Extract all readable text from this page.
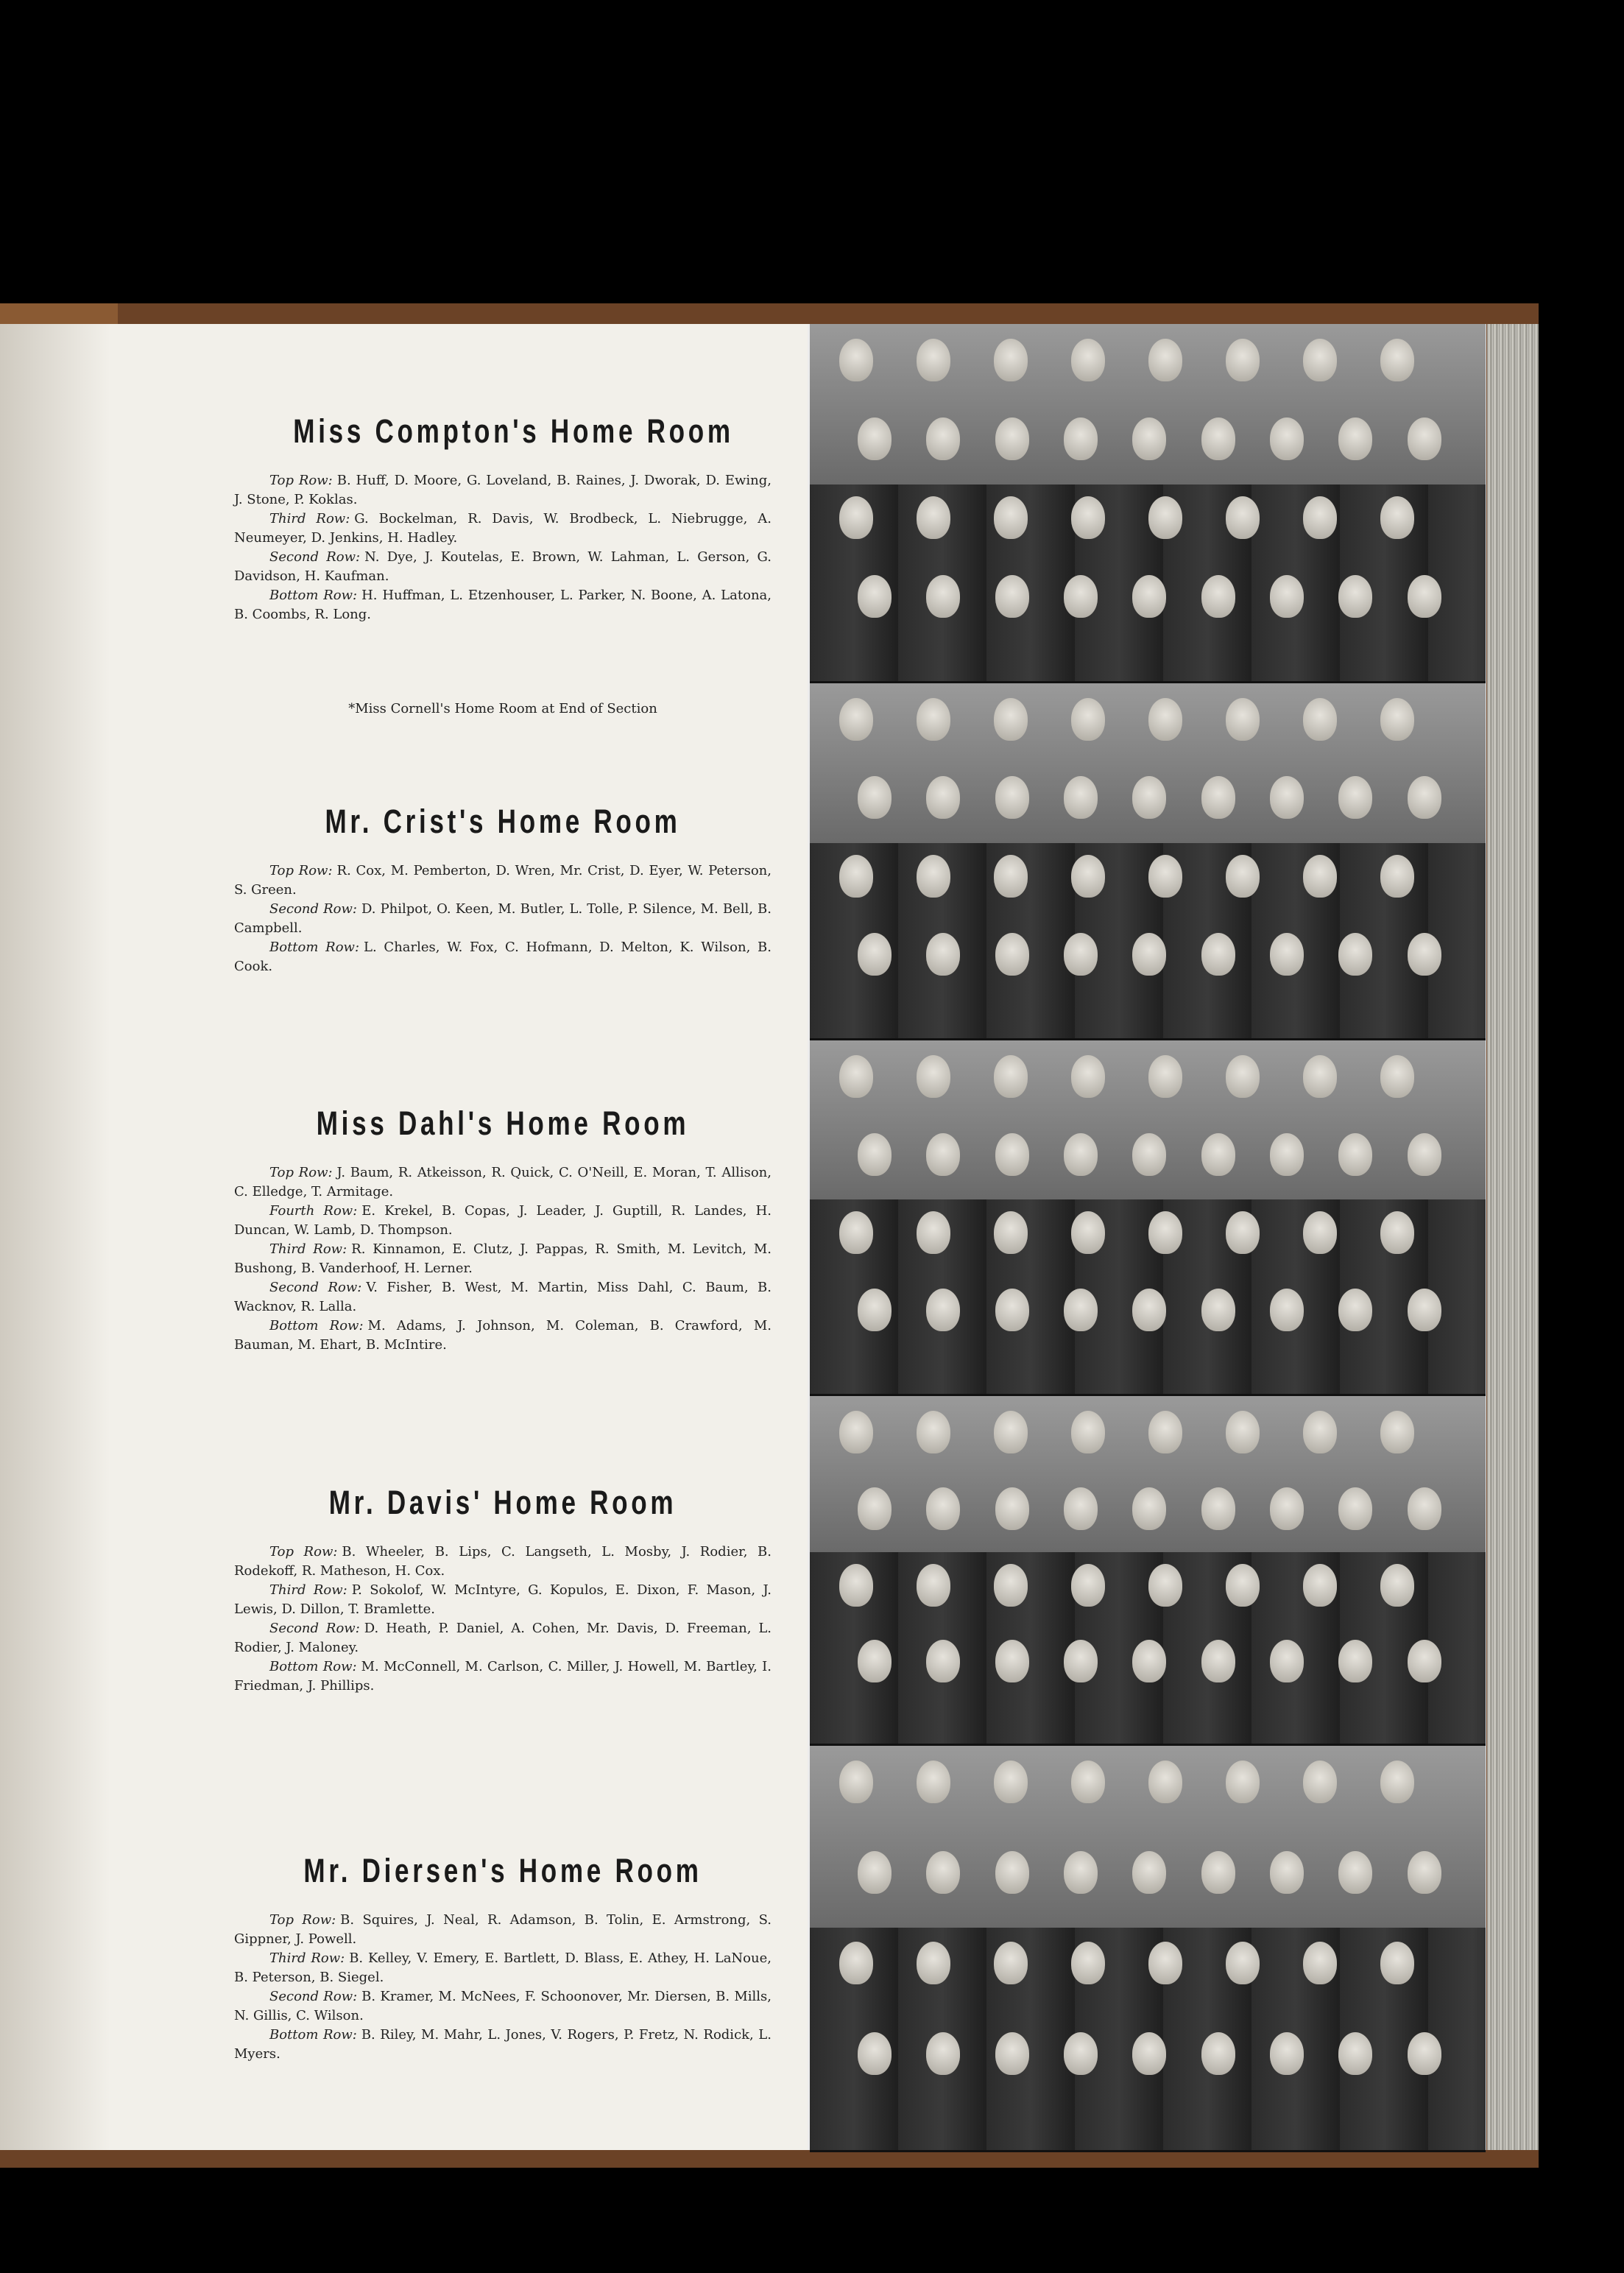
Miss Compton's Home Room

Top Row: B. Huff, D. Moore, G. Loveland, B. Raines, J. Dworak, D. Ewing, J. Stone, P. Koklas.

Third Row: G. Bockelman, R. Davis, W. Brodbeck, L. Niebrugge, A. Neumeyer, D. Jenkins, H. Hadley.

Second Row: N. Dye, J. Koutelas, E. Brown, W. Lahman, L. Gerson, G. Davidson, H. Kaufman.

Bottom Row: H. Huffman, L. Etzenhouser, L. Parker, N. Boone, A. Latona, B. Coombs, R. Long.

*Miss Cornell's Home Room at End of Section
Mr. Crist's Home Room

Top Row: R. Cox, M. Pemberton, D. Wren, Mr. Crist, D. Eyer, W. Peterson, S. Green.

Second Row: D. Philpot, O. Keen, M. Butler, L. Tolle, P. Silence, M. Bell, B. Campbell.

Bottom Row: L. Charles, W. Fox, C. Hofmann, D. Melton, K. Wilson, B. Cook.

Miss Dahl's Home Room

Top Row: J. Baum, R. Atkeisson, R. Quick, C. O'Neill, E. Moran, T. Allison, C. Elledge, T. Armitage.

Fourth Row: E. Krekel, B. Copas, J. Leader, J. Guptill, R. Landes, H. Duncan, W. Lamb, D. Thompson.

Third Row: R. Kinnamon, E. Clutz, J. Pappas, R. Smith, M. Levitch, M. Bushong, B. Vanderhoof, H. Lerner.

Second Row: V. Fisher, B. West, M. Martin, Miss Dahl, C. Baum, B. Wacknov, R. Lalla.

Bottom Row: M. Adams, J. Johnson, M. Coleman, B. Crawford, M. Bauman, M. Ehart, B. McIntire.

Mr. Davis' Home Room

Top Row: B. Wheeler, B. Lips, C. Langseth, L. Mosby, J. Rodier, B. Rodekoff, R. Matheson, H. Cox.

Third Row: P. Sokolof, W. McIntyre, G. Kopulos, E. Dixon, F. Mason, J. Lewis, D. Dillon, T. Bramlette.

Second Row: D. Heath, P. Daniel, A. Cohen, Mr. Davis, D. Freeman, L. Rodier, J. Maloney.

Bottom Row: M. McConnell, M. Carlson, C. Miller, J. Howell, M. Bartley, I. Friedman, J. Phillips.

Mr. Diersen's Home Room

Top Row: B. Squires, J. Neal, R. Adamson, B. Tolin, E. Armstrong, S. Gippner, J. Powell.

Third Row: B. Kelley, V. Emery, E. Bartlett, D. Blass, E. Athey, H. LaNoue, B. Peterson, B. Siegel.

Second Row: B. Kramer, M. McNees, F. Schoonover, Mr. Diersen, B. Mills, N. Gillis, C. Wilson.

Bottom Row: B. Riley, M. Mahr, L. Jones, V. Rogers, P. Fretz, N. Rodick, L. Myers.
